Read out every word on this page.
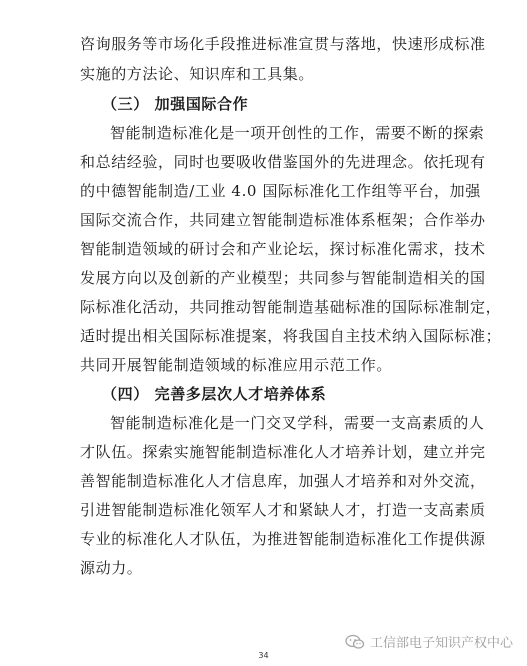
咨询服务等市场化手段推进标准宣贯与落地，快速形成标准
实施的方法论、知识库和工具集。
（三） 加强国际合作
智能制造标准化是一项开创性的工作，需要不断的探索
和总结经验，同时也要吸收借鉴国外的先进理念。依托现有
的中德智能制造/工业 4.0 国际标准化工作组等平台，加强
国际交流合作，共同建立智能制造标准体系框架；合作举办
智能制造领域的研讨会和产业论坛，探讨标准化需求，技术
发展方向以及创新的产业模型；共同参与智能制造相关的国
际标准化活动，共同推动智能制造基础标准的国际标准制定，
适时提出相关国际标准提案，将我国自主技术纳入国际标准；
共同开展智能制造领域的标准应用示范工作。
（四） 完善多层次人才培养体系
智能制造标准化是一门交叉学科，需要一支高素质的人
才队伍。探索实施智能制造标准化人才培养计划，建立并完
善智能制造标准化人才信息库，加强人才培养和对外交流，
引进智能制造标准化领军人才和紧缺人才，打造一支高素质
专业的标准化人才队伍，为推进智能制造标准化工作提供源
源动力。
工信部电子知识产权中心
34
